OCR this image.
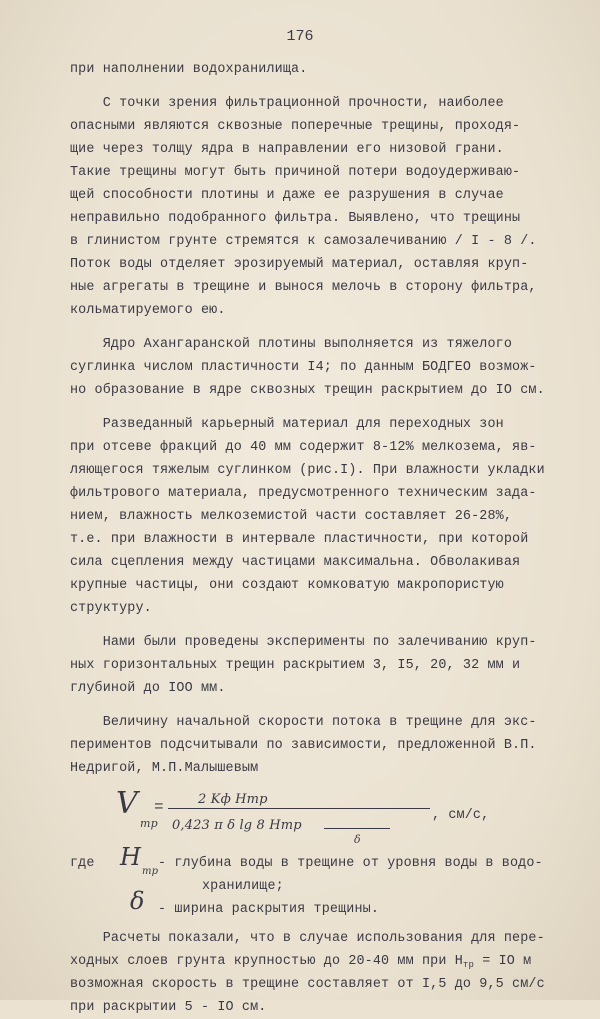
176
при наполнении водохранилища.
С точки зрения фильтрационной прочности, наиболее
опасными являются сквозные поперечные трещины, проходя-
щие через толщу ядра в направлении его низовой грани.
Такие трещины могут быть причиной потери водоудерживаю-
щей способности плотины и даже ее разрушения в случае
неправильно подобранного фильтра. Выявлено, что трещины
в глинистом грунте стремятся к самозалечиванию / I - 8 /.
Поток воды отделяет эрозируемый материал, оставляя круп-
ные агрегаты в трещине и вынося мелочь в сторону фильтра,
кольматируемого ею.
Ядро Ахангаранской плотины выполняется из тяжелого
суглинка числом пластичности I4; по данным БОДГЕО возмож-
но образование в ядре сквозных трещин раскрытием до IО см.
Разведанный карьерный материал для переходных зон
при отсеве фракций до 40 мм содержит 8-12% мелкозема, яв-
ляющегося тяжелым суглинком (рис.I). При влажности укладки
фильтрового материала, предусмотренного техническим зада-
нием, влажность мелкоземистой части составляет 26-28%,
т.е. при влажности в интервале пластичности, при которой
сила сцепления между частицами максимальна. Обволакивая
крупные частицы, они создают комковатую макропористую
структуру.
Нами были проведены эксперименты по залечиванию круп-
ных горизонтальных трещин раскрытием 3, I5, 20, 32 мм и
глубиной до IОО мм.
Величину начальной скорости потока в трещине для экс-
периментов подсчитывали по зависимости, предложенной В.П.
Недригой, М.П.Малышевым
V
тр
=	2 Kф Hтр
0,423 π δ lg 8 Hтр
δ
, см/с,
где H
тр
- глубина воды в трещине от уровня воды в водо-
хранилище;
δ - ширина раскрытия трещины.
Расчеты показали, что в случае использования для пере-
ходных слоев грунта крупностью до 20-40 мм при $H_{тр}$ = IО м
возможная скорость в трещине составляет от I,5 до 9,5 см/с
при раскрытии 5 - IО см.
